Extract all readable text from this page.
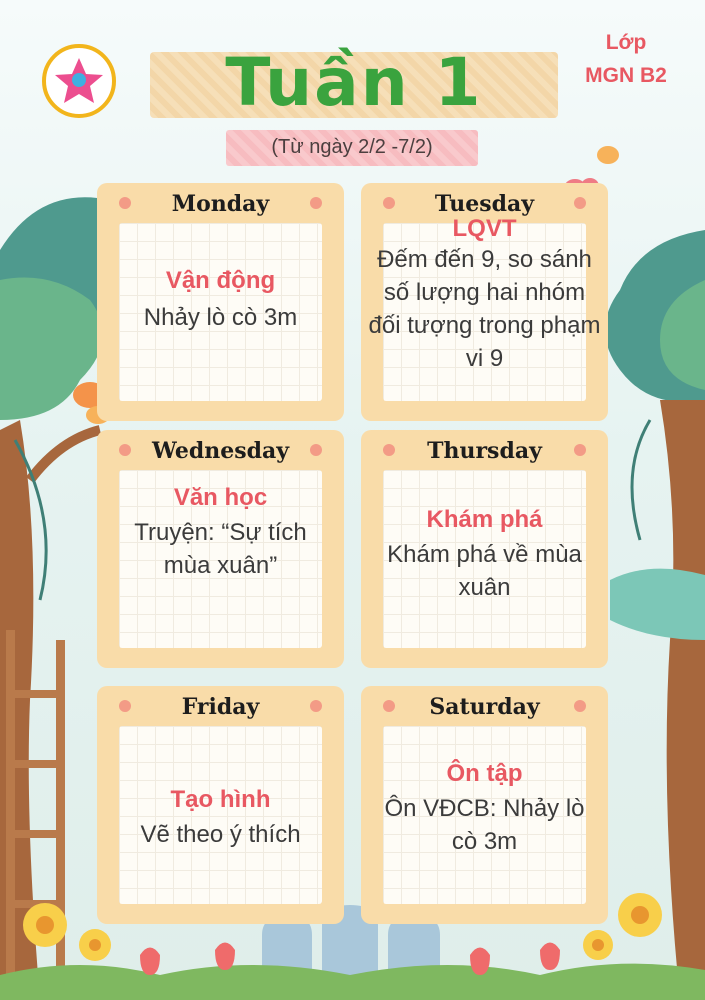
Tuần 1
(Từ ngày 2/2 -7/2)
Lớp
MGN B2
Monday
Vận động
Nhảy lò cò 3m
Tuesday
LQVT
Đếm đến 9, so sánh số lượng hai nhóm đối tượng trong phạm vi 9
Wednesday
Văn học
Truyện: “Sự tích mùa xuân”
Thursday
Khám phá
Khám phá về mùa xuân
Friday
Tạo hình
Vẽ theo ý thích
Saturday
Ôn tập
Ôn VĐCB: Nhảy lò cò 3m
